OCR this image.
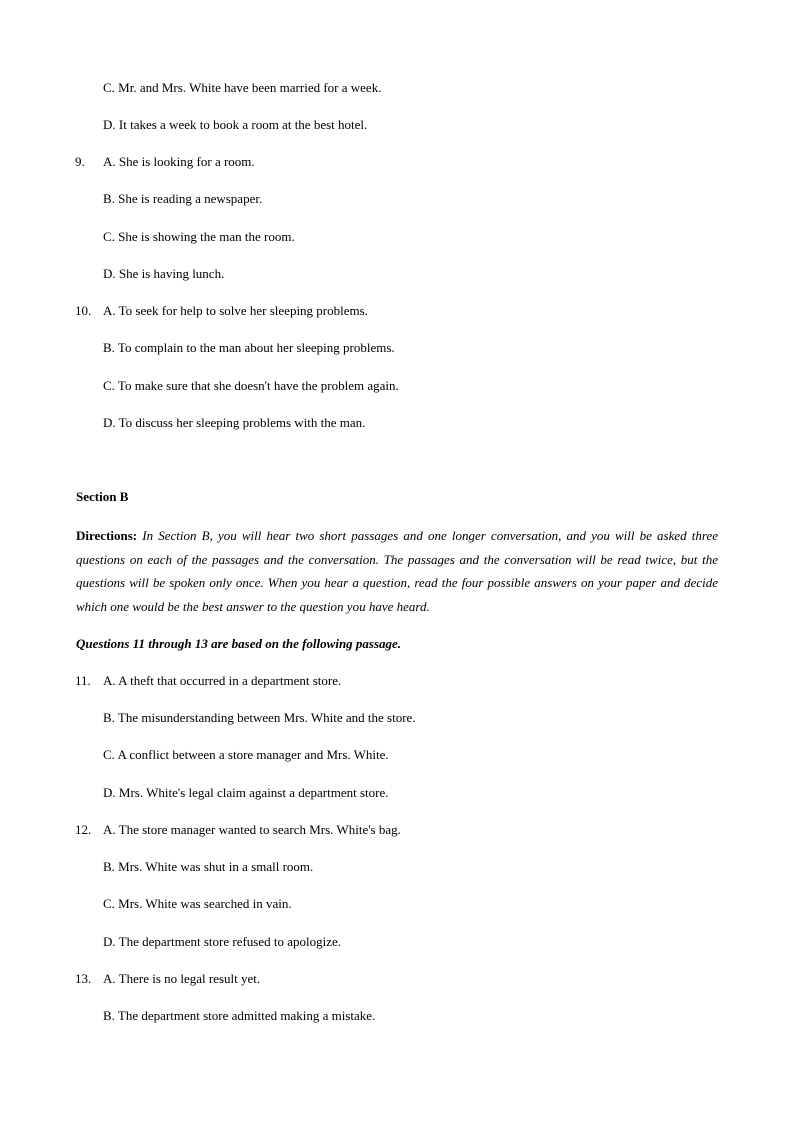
C. Mr. and Mrs. White have been married for a week.
D. It takes a week to book a room at the best hotel.
9. A. She is looking for a room.
B. She is reading a newspaper.
C. She is showing the man the room.
D. She is having lunch.
10. A. To seek for help to solve her sleeping problems.
B. To complain to the man about her sleeping problems.
C. To make sure that she doesn't have the problem again.
D. To discuss her sleeping problems with the man.
Section B
Directions: In Section B, you will hear two short passages and one longer conversation, and you will be asked three questions on each of the passages and the conversation. The passages and the conversation will be read twice, but the questions will be spoken only once. When you hear a question, read the four possible answers on your paper and decide which one would be the best answer to the question you have heard.
Questions 11 through 13 are based on the following passage.
11. A. A theft that occurred in a department store.
B. The misunderstanding between Mrs. White and the store.
C. A conflict between a store manager and Mrs. White.
D. Mrs. White's legal claim against a department store.
12. A. The store manager wanted to search Mrs. White's bag.
B. Mrs. White was shut in a small room.
C. Mrs. White was searched in vain.
D. The department store refused to apologize.
13. A. There is no legal result yet.
B. The department store admitted making a mistake.
